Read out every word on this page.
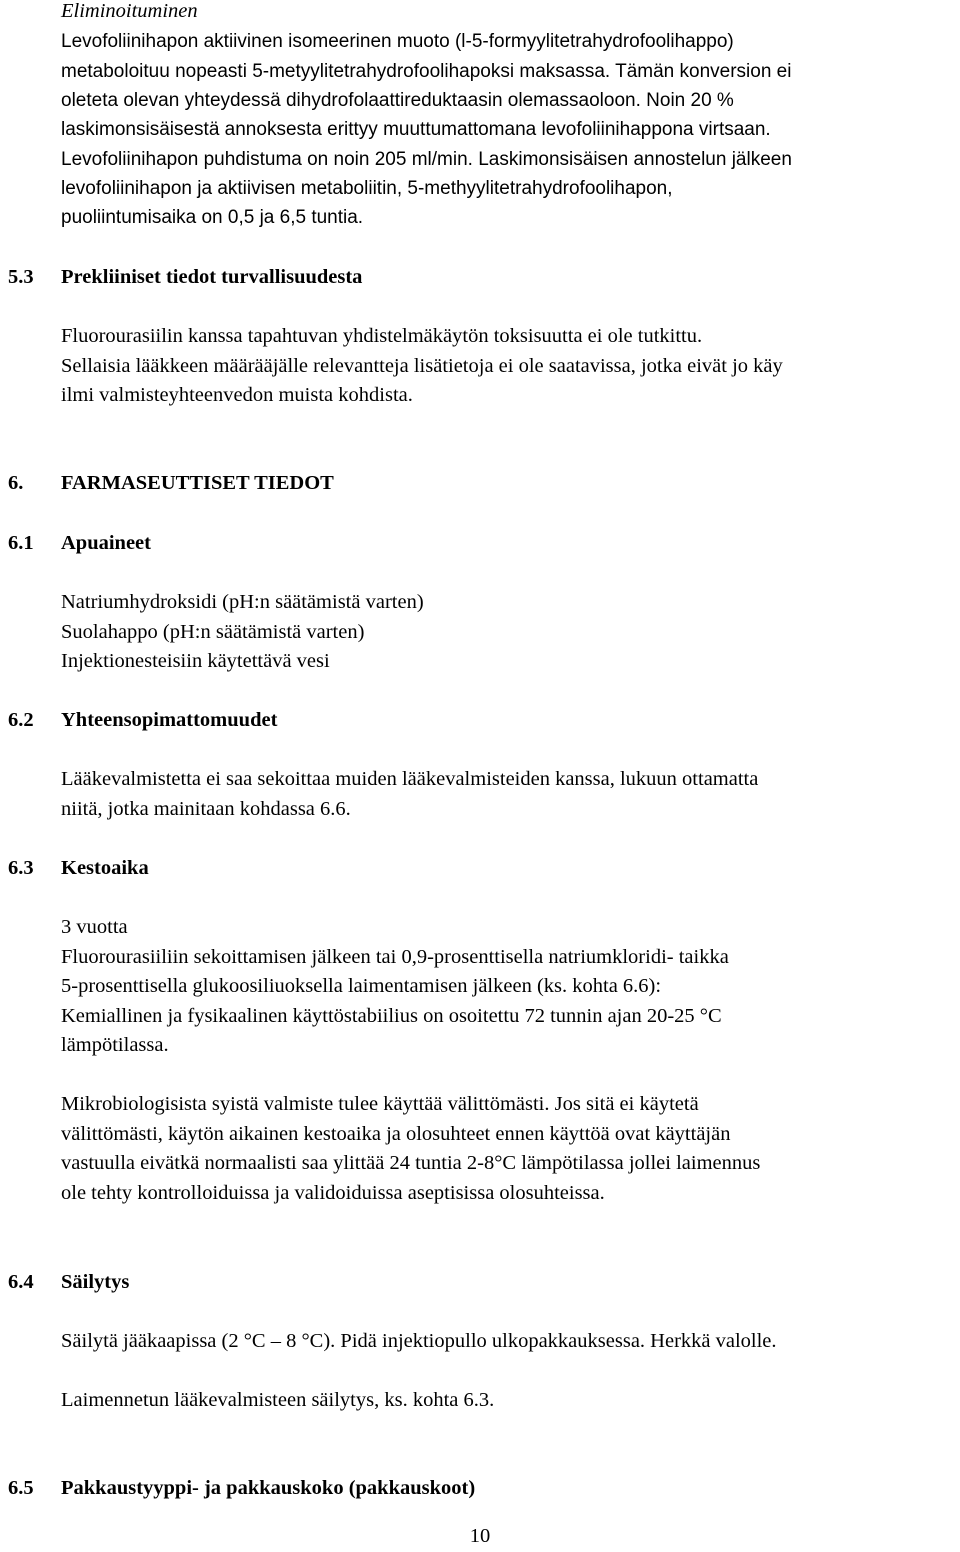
Eliminoituminen
Levofoliinihapon aktiivinen isomeerinen muoto (l-5-formyylitetrahydrofoolihappo)
metaboloituu nopeasti 5-metyylitetrahydrofoolihapoksi maksassa. Tämän konversion ei
oleteta olevan yhteydessä dihydrofolaattireduktaasin olemassaoloon. Noin 20 %
laskimonsisäisestä annoksesta erittyy muuttumattomana levofoliinihappona virtsaan.
Levofoliinihapon puhdistuma on noin 205 ml/min. Laskimonsisäisen annostelun jälkeen
levofoliinihapon ja aktiivisen metaboliitin, 5-methyylitetrahydrofoolihapon,
puoliintumisaika on 0,5 ja 6,5 tuntia.
5.3 Prekliiniset tiedot turvallisuudesta
Fluorourasiilin kanssa tapahtuvan yhdistelmäkäytön toksisuutta ei ole tutkittu.
Sellaisia lääkkeen määrääjälle relevantteja lisätietoja ei ole saatavissa, jotka eivät jo käy
ilmi valmisteyhteenvedon muista kohdista.
6. FARMASEUTTISET TIEDOT
6.1 Apuaineet
Natriumhydroksidi (pH:n säätämistä varten)
Suolahappo (pH:n säätämistä varten)
Injektionesteisiin käytettävä vesi
6.2 Yhteensopimattomuudet
Lääkevalmistetta ei saa sekoittaa muiden lääkevalmisteiden kanssa, lukuun ottamatta
niitä, jotka mainitaan kohdassa 6.6.
6.3 Kestoaika
3 vuotta
Fluorourasiiliin sekoittamisen jälkeen tai 0,9-prosenttisella natriumkloridi- taikka
5-prosenttisella glukoosiliuoksella laimentamisen jälkeen (ks. kohta 6.6):
Kemiallinen ja fysikaalinen käyttöstabiilius on osoitettu 72 tunnin ajan 20-25 °C
lämpötilassa.
Mikrobiologisista syistä valmiste tulee käyttää välittömästi. Jos sitä ei käytetä
välittömästi, käytön aikainen kestoaika ja olosuhteet ennen käyttöä ovat käyttäjän
vastuulla eivätkä normaalisti saa ylittää 24 tuntia 2-8°C lämpötilassa jollei laimennus
ole tehty kontrolloiduissa ja validoiduissa aseptisissa olosuhteissa.
6.4 Säilytys
Säilytä jääkaapissa (2 °C – 8 °C). Pidä injektiopullo ulkopakkauksessa. Herkkä valolle.
Laimennetun lääkevalmisteen säilytys, ks. kohta 6.3.
6.5 Pakkaustyyppi- ja pakkauskoko (pakkauskoot)
10
